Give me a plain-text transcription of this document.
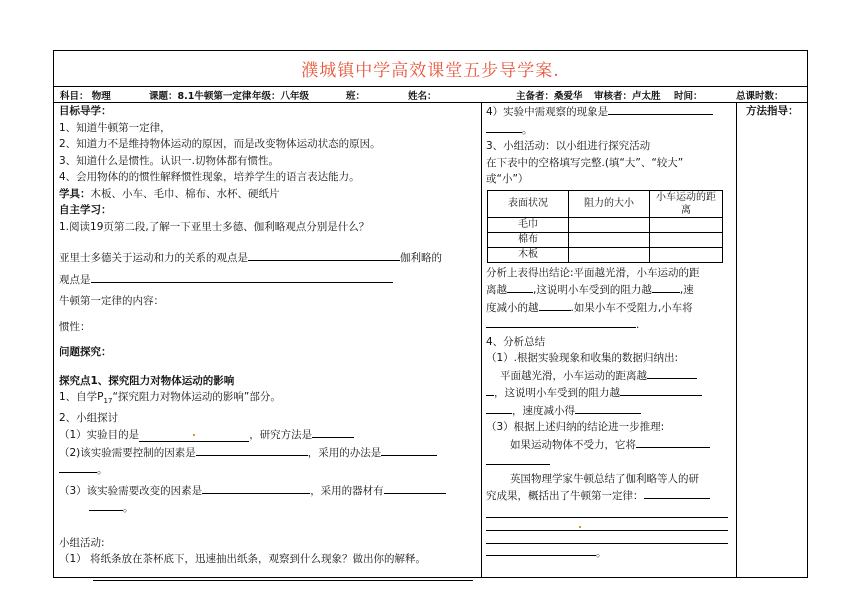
濮城镇中学高效课堂五步导学案.
科目： 物理	课题：8.1牛顿第一定律 年级：八年级	班：	姓名：	主备者：桑爱华 审核者：卢太胜 时间：	总课时数：

目标导学：

1、知道牛顿第一定律，

2、知道力不是维持物体运动的原因，而是改变物体运动状态的原因。

3、知道什么是惯性。认识一.切物体都有惯性。

4、会用物体的的惯性解释惯性现象，培养学生的语言表达能力。

学具：木板、小车、毛巾、棉布、水杯、硬纸片

自主学习：

1.阅读19页第二段,了解一下亚里士多德、伽利略观点分别是什么？

亚里士多德关于运动和力的关系的观点是	伽利略的

观点是

牛顿第一定律的内容：

惯性：

问题探究：

探究点1、探究阻力对物体运动的影响

1、自学$P_{17}“$探究阻力对物体运动的影响”部分。

2、小组探讨

（1）实验目的是	，研究方法是

（2)该实验需要控制的因素是	，采用的办法是

。

（3）该实验需要改变的因素是	，采用的器材有

。

小组活动:

（1） 将纸条放在茶杯底下，迅速抽出纸条，观察到什么现象？做出你的解释。

4）实验中需观察的现象是

。

3、小组活动：以小组进行探究活动

在下表中的空格填写完整.(填“大”、“较大”

或“小”）

表面状况	阻力的大小	小车运动的距离
毛巾		
棉布		
木板		

分析上表得出结论:平面越光滑，小车运动的距

离越 ,这说明小车受到的阻力越	,速

度减小的越	.如果小车不受阻力,小车将

.

4、分析总结

（1）.根据实验现象和收集的数据归纳出:

平面越光滑，小车运动的距离越

，这说明小车受到的阻力越

，速度减小得

（3）根据上述归纳的结论进一步推理:

如果运动物体不受力，它将

英国物理学家牛顿总结了伽利略等人的研

究成果，概括出了牛顿第一定律：

。

方法指导：
